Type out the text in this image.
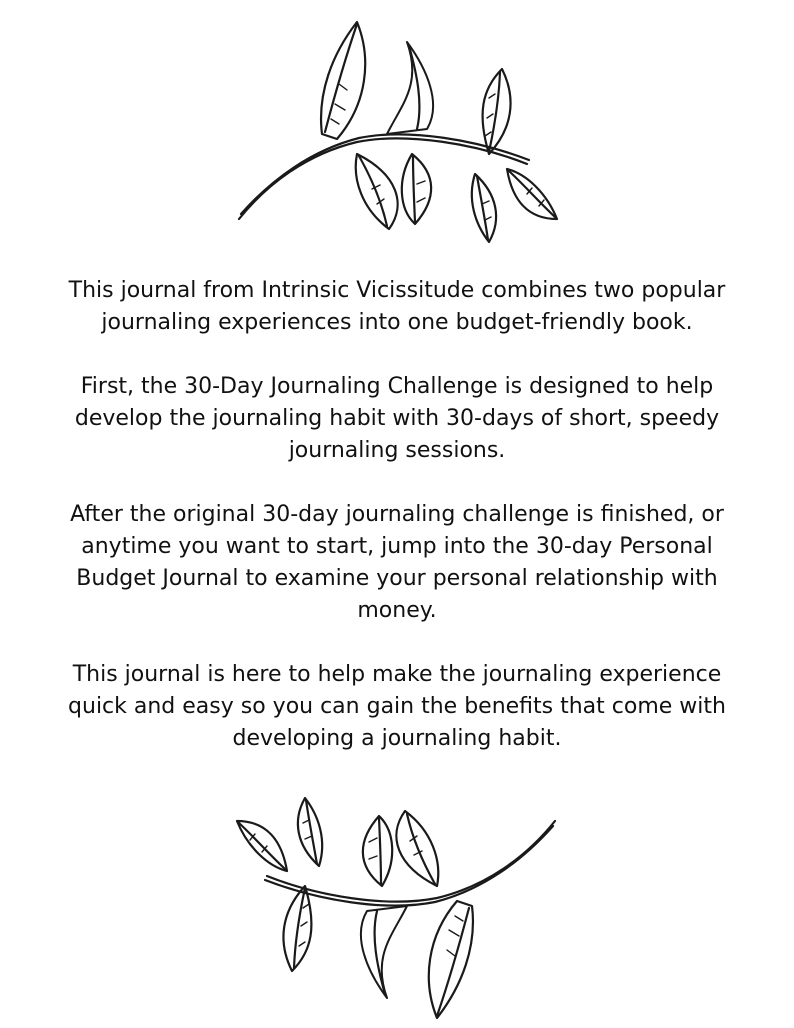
This journal from Intrinsic Vicissitude combines two popular
journaling experiences into one budget-friendly book.

First, the 30-Day Journaling Challenge is designed to help
develop the journaling habit with 30-days of short, speedy
journaling sessions.

After the original 30-day journaling challenge is finished, or
anytime you want to start, jump into the 30-day Personal
Budget Journal to examine your personal relationship with
money.

This journal is here to help make the journaling experience
quick and easy so you can gain the benefits that come with
developing a journaling habit.
